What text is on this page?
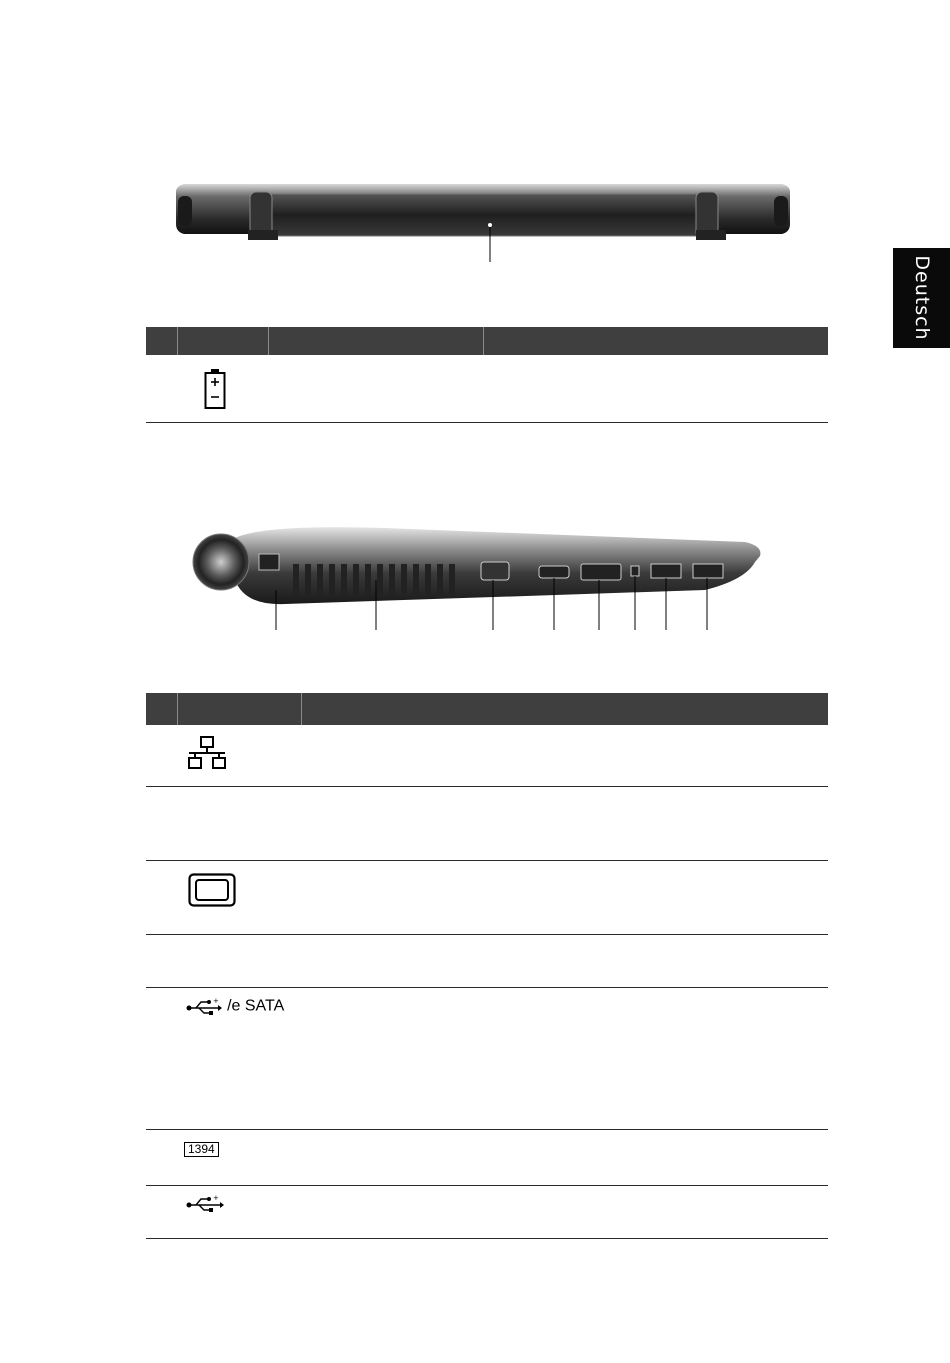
Deutsch
+ /e SATA
1394
+
